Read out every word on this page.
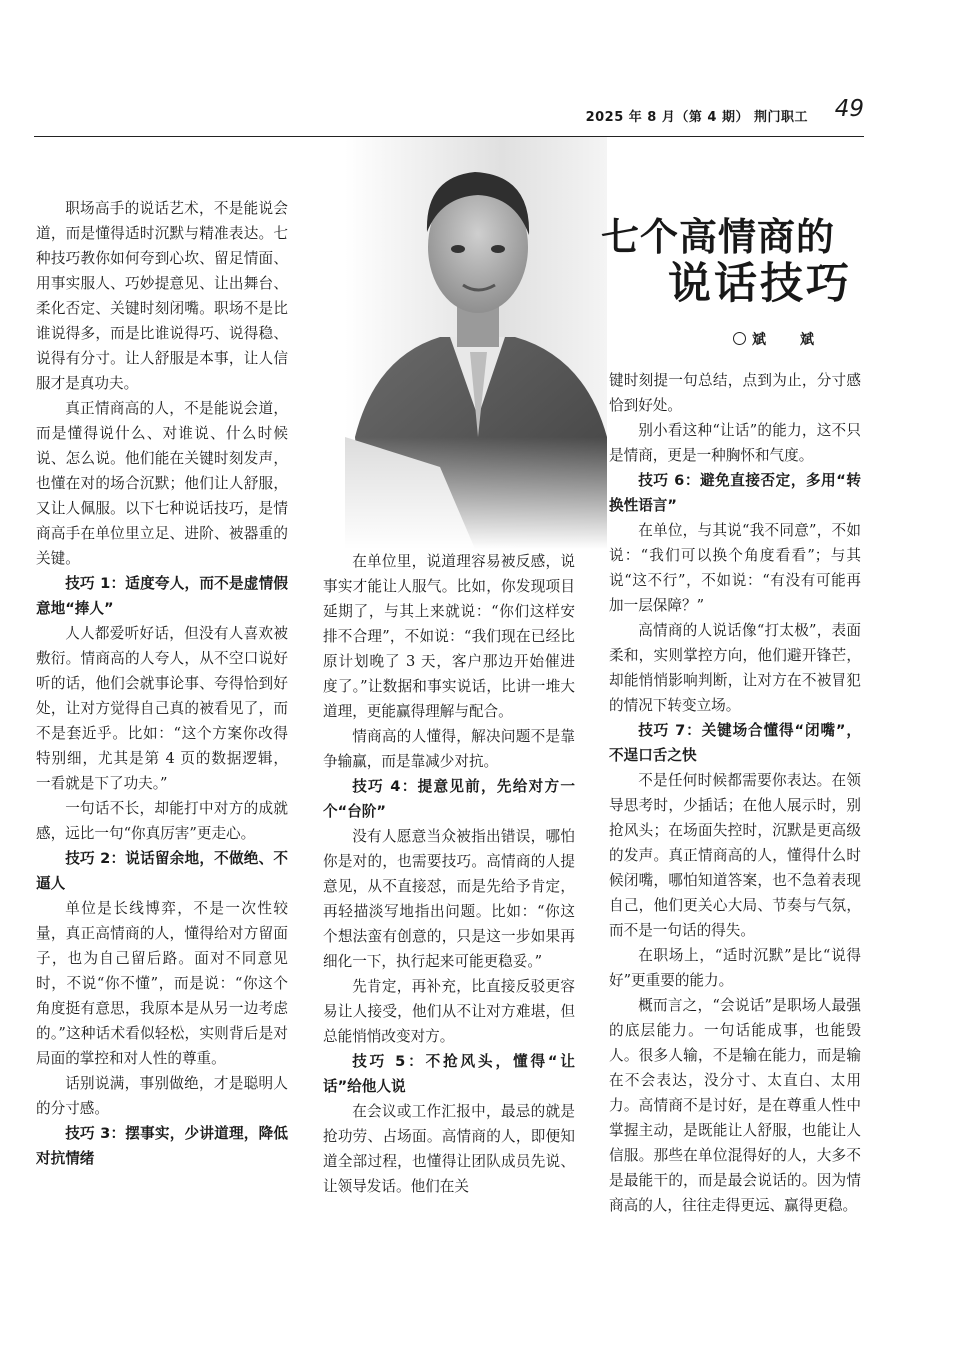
2025 年 8 月（第 4 期） 荆门职工 49
七个高情商的
说话技巧
斌　斌

职场高手的说话艺术，不是能说会道，而是懂得适时沉默与精准表达。七种技巧教你如何夸到心坎、留足情面、用事实服人、巧妙提意见、让出舞台、柔化否定、关键时刻闭嘴。职场不是比谁说得多，而是比谁说得巧、说得稳、说得有分寸。让人舒服是本事，让人信服才是真功夫。

真正情商高的人，不是能说会道，而是懂得说什么、对谁说、什么时候说、怎么说。他们能在关键时刻发声，也懂在对的场合沉默；他们让人舒服，又让人佩服。以下七种说话技巧，是情商高手在单位里立足、进阶、被器重的关键。

技巧 1：适度夸人，而不是虚情假意地“捧人”

人人都爱听好话，但没有人喜欢被敷衍。情商高的人夸人，从不空口说好听的话，他们会就事论事、夸得恰到好处，让对方觉得自己真的被看见了，而不是套近乎。比如：“这个方案你改得特别细，尤其是第 4 页的数据逻辑，一看就是下了功夫。”

一句话不长，却能打中对方的成就感，远比一句“你真厉害”更走心。

技巧 2：说话留余地，不做绝、不逼人

单位是长线博弈，不是一次性较量，真正高情商的人，懂得给对方留面子，也为自己留后路。面对不同意见时，不说“你不懂”，而是说：“你这个角度挺有意思，我原本是从另一边考虑的。”这种话术看似轻松，实则背后是对局面的掌控和对人性的尊重。

话别说满，事别做绝，才是聪明人的分寸感。

技巧 3：摆事实，少讲道理，降低对抗情绪

在单位里，说道理容易被反感，说事实才能让人服气。比如，你发现项目延期了，与其上来就说：“你们这样安排不合理”，不如说：“我们现在已经比原计划晚了 3 天，客户那边开始催进度了。”让数据和事实说话，比讲一堆大道理，更能赢得理解与配合。

情商高的人懂得，解决问题不是靠争输赢，而是靠减少对抗。

技巧 4：提意见前，先给对方一个“台阶”

没有人愿意当众被指出错误，哪怕你是对的，也需要技巧。高情商的人提意见，从不直接怼，而是先给予肯定，再轻描淡写地指出问题。比如：“你这个想法蛮有创意的，只是这一步如果再细化一下，执行起来可能更稳妥。”

先肯定，再补充，比直接反驳更容易让人接受，他们从不让对方难堪，但总能悄悄改变对方。

技巧 5：不抢风头，懂得“让话”给他人说

在会议或工作汇报中，最忌的就是抢功劳、占场面。高情商的人，即便知道全部过程，也懂得让团队成员先说、让领导发话。他们在关

键时刻提一句总结，点到为止，分寸感恰到好处。

别小看这种“让话”的能力，这不只是情商，更是一种胸怀和气度。

技巧 6：避免直接否定，多用“转换性语言”

在单位，与其说“我不同意”，不如说：“我们可以换个角度看看”；与其说“这不行”，不如说：“有没有可能再加一层保障？”

高情商的人说话像“打太极”，表面柔和，实则掌控方向，他们避开锋芒，却能悄悄影响判断，让对方在不被冒犯的情况下转变立场。

技巧 7：关键场合懂得“闭嘴”，不逞口舌之快

不是任何时候都需要你表达。在领导思考时，少插话；在他人展示时，别抢风头；在场面失控时，沉默是更高级的发声。真正情商高的人，懂得什么时候闭嘴，哪怕知道答案，也不急着表现自己，他们更关心大局、节奏与气氛，而不是一句话的得失。

在职场上，“适时沉默”是比“说得好”更重要的能力。

概而言之，“会说话”是职场人最强的底层能力。一句话能成事，也能毁人。很多人输，不是输在能力，而是输在不会表达，没分寸、太直白、太用力。高情商不是讨好，是在尊重人性中掌握主动，是既能让人舒服，也能让人信服。那些在单位混得好的人，大多不是最能干的，而是最会说话的。因为情商高的人，往往走得更远、赢得更稳。
